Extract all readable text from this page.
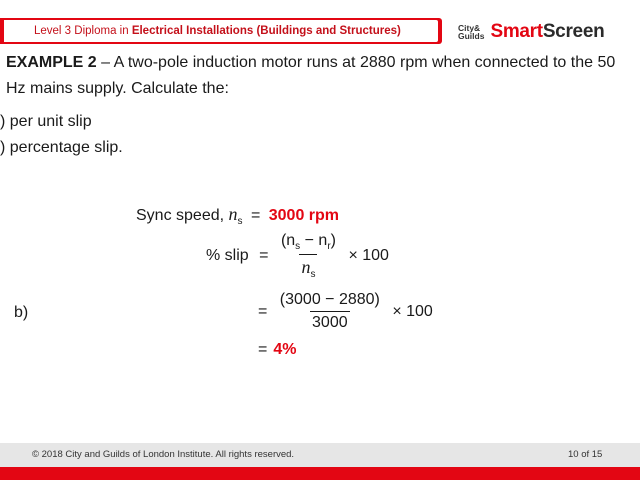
Level 3 Diploma in
Electrical Installations (Buildings and Structures)	City&
Guilds Smart Screen
EXAMPLE 2 – A two-pole induction motor runs at 2880 rpm when connected to the 50 Hz mains supply. Calculate the:
) per unit slip
) percentage slip.
Sync speed, $n_s = 3000$ rpm
% slip = $\frac{(n_s - n_r)}{n_s} \times 100$
b)	= $\frac{(3000 - 2880)}{3000} \times 100$
= 4%
© 2018 City and Guilds of London Institute. All rights reserved.	10 of 15
